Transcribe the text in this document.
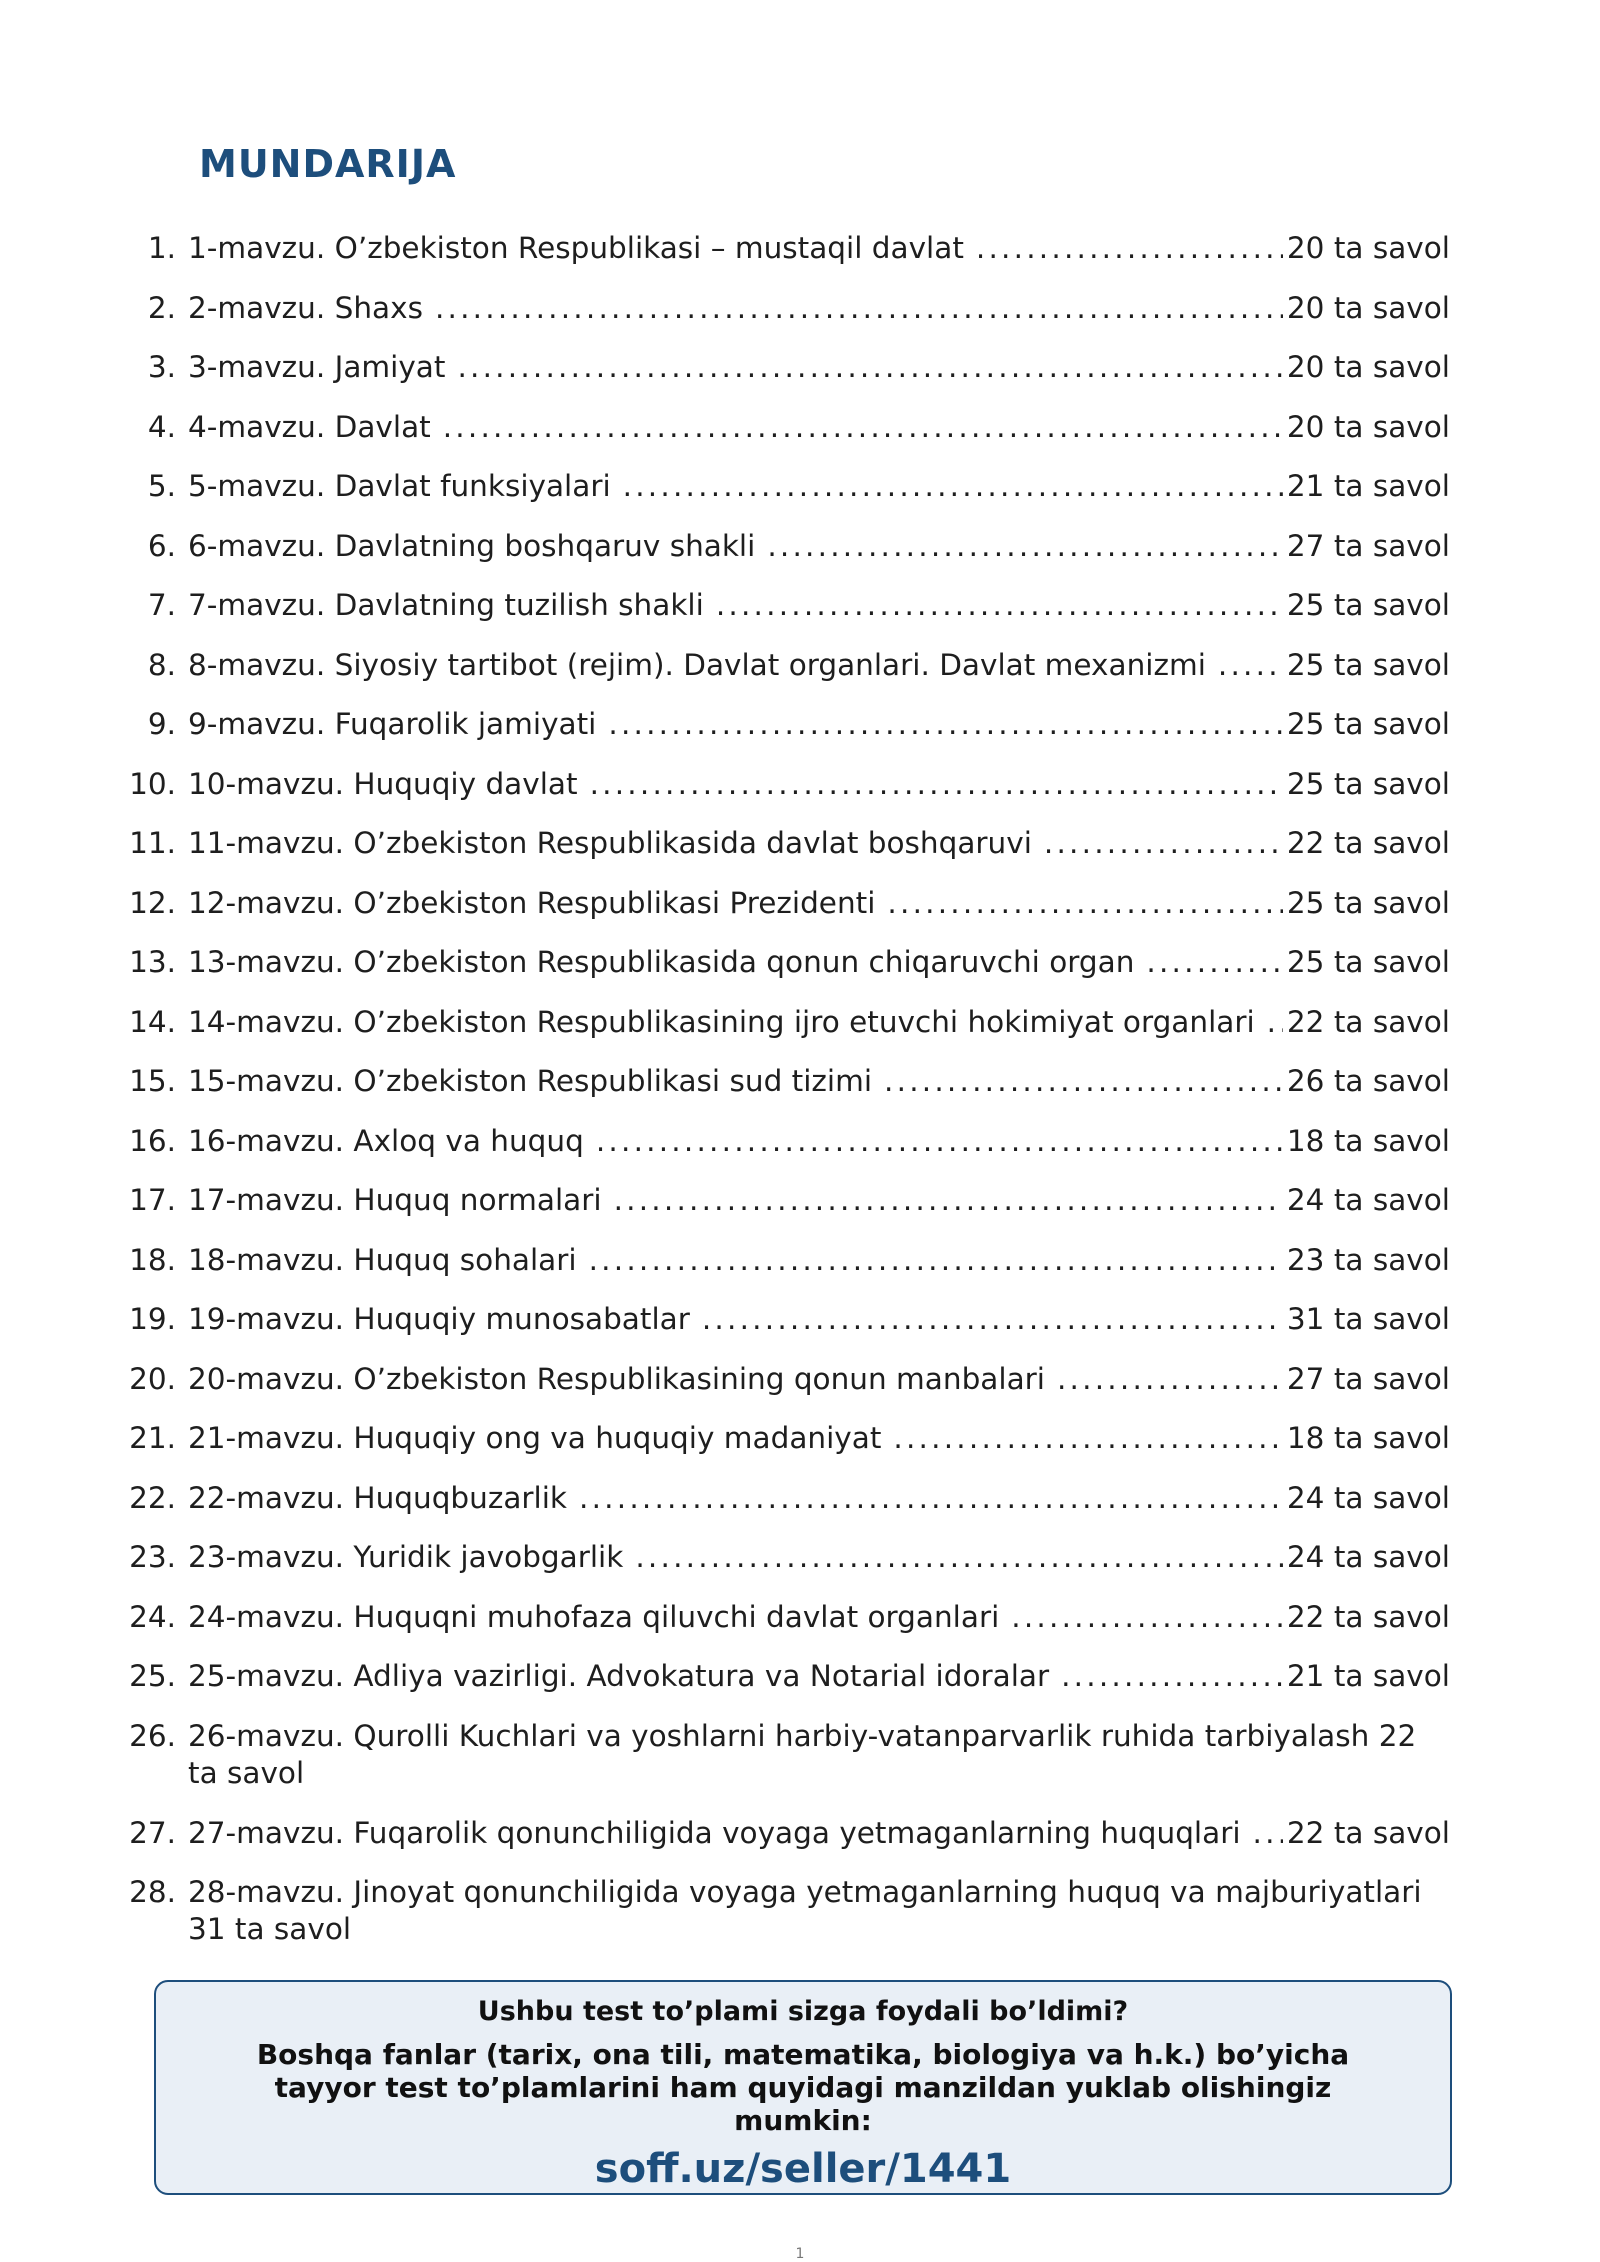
MUNDARIJA
1. 1-mavzu. O’zbekiston Respublikasi – mustaqil davlat .....	20 ta savol
2. 2-mavzu. Shaxs .....	20 ta savol
3. 3-mavzu. Jamiyat .....	20 ta savol
4. 4-mavzu. Davlat .....	20 ta savol
5. 5-mavzu. Davlat funksiyalari .....	21 ta savol
6. 6-mavzu. Davlatning boshqaruv shakli .....	27 ta savol
7. 7-mavzu. Davlatning tuzilish shakli .....	25 ta savol
8. 8-mavzu. Siyosiy tartibot (rejim). Davlat organlari. Davlat mexanizmi .....	25 ta savol
9. 9-mavzu. Fuqarolik jamiyati .....	25 ta savol
10. 10-mavzu. Huquqiy davlat .....	25 ta savol
11. 11-mavzu. O’zbekiston Respublikasida davlat boshqaruvi .....	22 ta savol
12. 12-mavzu. O’zbekiston Respublikasi Prezidenti .....	25 ta savol
13. 13-mavzu. O’zbekiston Respublikasida qonun chiqaruvchi organ .....	25 ta savol
14. 14-mavzu. O’zbekiston Respublikasining ijro etuvchi hokimiyat organlari ..... 22 ta savol
15. 15-mavzu. O’zbekiston Respublikasi sud tizimi .....	26 ta savol
16. 16-mavzu. Axloq va huquq .....	18 ta savol
17. 17-mavzu. Huquq normalari .....	24 ta savol
18. 18-mavzu. Huquq sohalari .....	23 ta savol
19. 19-mavzu. Huquqiy munosabatlar .....	31 ta savol
20. 20-mavzu. O’zbekiston Respublikasining qonun manbalari .....	27 ta savol
21. 21-mavzu. Huquqiy ong va huquqiy madaniyat .....	18 ta savol
22. 22-mavzu. Huquqbuzarlik .....	24 ta savol
23. 23-mavzu. Yuridik javobgarlik .....	24 ta savol
24. 24-mavzu. Huquqni muhofaza qiluvchi davlat organlari .....	22 ta savol
25. 25-mavzu. Adliya vazirligi. Advokatura va Notarial idoralar .....	21 ta savol
26. 26-mavzu. Qurolli Kuchlari va yoshlarni harbiy-vatanparvarlik ruhida tarbiyalash 22 ta savol
27. 27-mavzu. Fuqarolik qonunchiligida voyaga yetmaganlarning huquqlari ..... 22 ta savol
28. 28-mavzu. Jinoyat qonunchiligida voyaga yetmaganlarning huquq va majburiyatlari 31 ta savol
Ushbu test to’plami sizga foydali bo’ldimi?
Boshqa fanlar (tarix, ona tili, matematika, biologiya va h.k.) bo’yicha tayyor test to’plamlarini ham quyidagi manzildan yuklab olishingiz mumkin:
soff.uz/seller/1441
1
